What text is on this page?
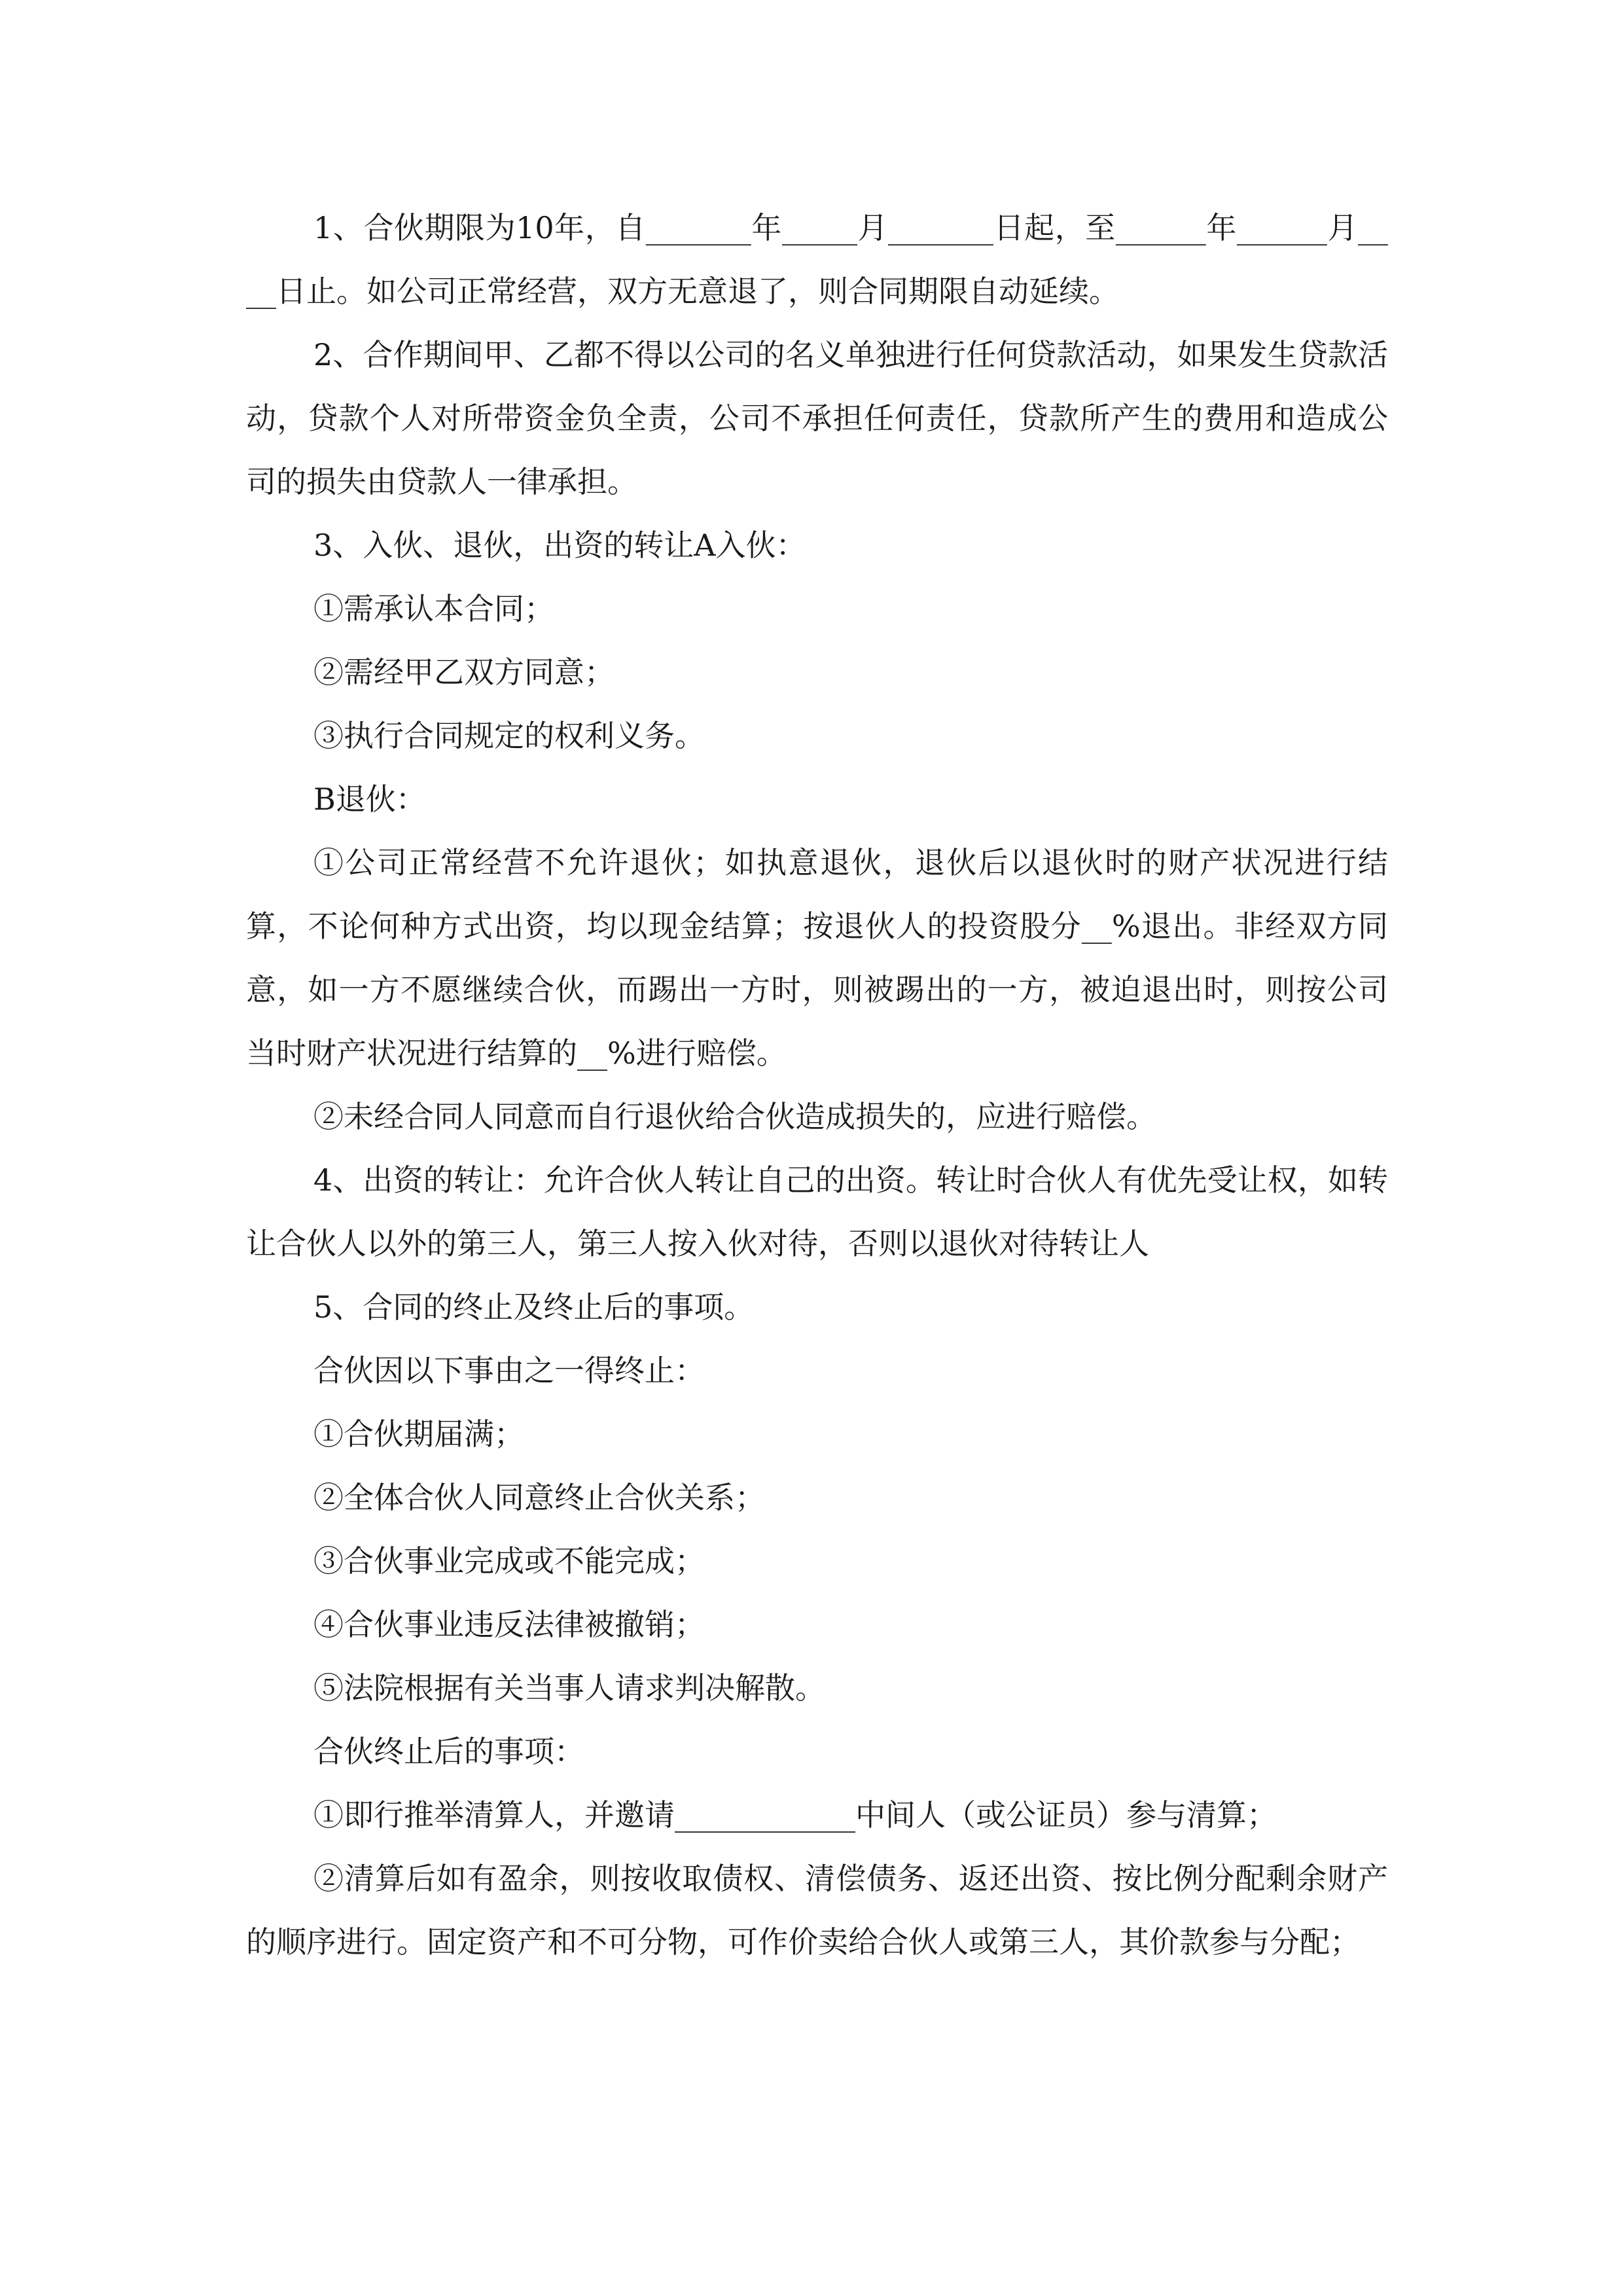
1、合伙期限为10年，自_______年_____月_______日起，至______年______月____日止。如公司正常经营，双方无意退了，则合同期限自动延续。

2、合作期间甲、乙都不得以公司的名义单独进行任何贷款活动，如果发生贷款活动，贷款个人对所带资金负全责，公司不承担任何责任，贷款所产生的费用和造成公司的损失由贷款人一律承担。

3、入伙、退伙，出资的转让A入伙：

①需承认本合同；

②需经甲乙双方同意；

③执行合同规定的权利义务。

B退伙：

①公司正常经营不允许退伙；如执意退伙，退伙后以退伙时的财产状况进行结算，不论何种方式出资，均以现金结算；按退伙人的投资股分__%退出。非经双方同意，如一方不愿继续合伙，而踢出一方时，则被踢出的一方，被迫退出时，则按公司当时财产状况进行结算的__%进行赔偿。

②未经合同人同意而自行退伙给合伙造成损失的，应进行赔偿。

4、出资的转让：允许合伙人转让自己的出资。转让时合伙人有优先受让权，如转让合伙人以外的第三人，第三人按入伙对待，否则以退伙对待转让人

5、合同的终止及终止后的事项。

合伙因以下事由之一得终止：

①合伙期届满；

②全体合伙人同意终止合伙关系；

③合伙事业完成或不能完成；

④合伙事业违反法律被撤销；

⑤法院根据有关当事人请求判决解散。

合伙终止后的事项：

①即行推举清算人，并邀请____________中间人（或公证员）参与清算；

②清算后如有盈余，则按收取债权、清偿债务、返还出资、按比例分配剩余财产的顺序进行。固定资产和不可分物，可作价卖给合伙人或第三人，其价款参与分配；
